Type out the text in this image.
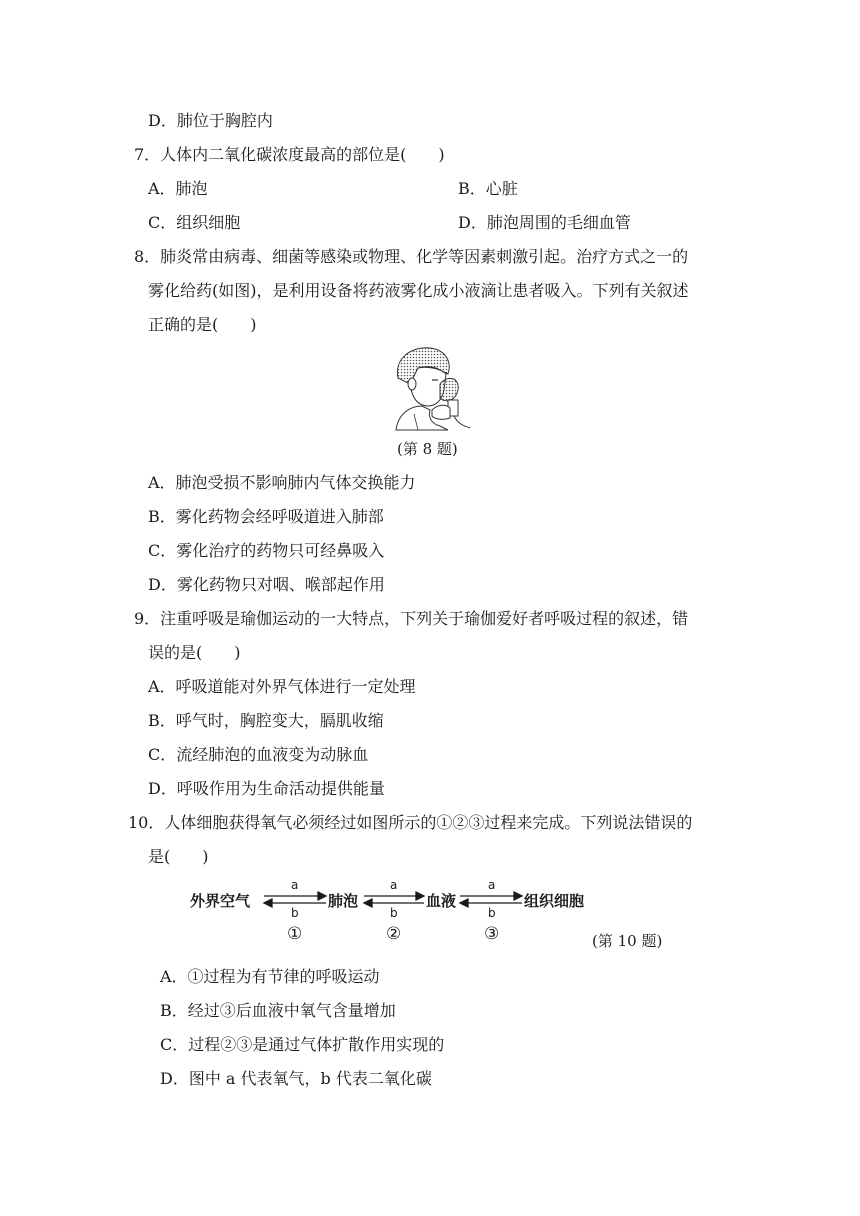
D．肺位于胸腔内
7．人体内二氧化碳浓度最高的部位是(　　)
A．肺泡	B．心脏
C．组织细胞	D．肺泡周围的毛细血管
8．肺炎常由病毒、细菌等感染或物理、化学等因素刺激引起。治疗方式之一的
雾化给药(如图)，是利用设备将药液雾化成小液滴让患者吸入。下列有关叙述
正确的是(　　)
(第 8 题)
A．肺泡受损不影响肺内气体交换能力
B．雾化药物会经呼吸道进入肺部
C．雾化治疗的药物只可经鼻吸入
D．雾化药物只对咽、喉部起作用
9．注重呼吸是瑜伽运动的一大特点，下列关于瑜伽爱好者呼吸过程的叙述，错
误的是(　　)
A．呼吸道能对外界气体进行一定处理
B．呼气时，胸腔变大，膈肌收缩
C．流经肺泡的血液变为动脉血
D．呼吸作用为生命活动提供能量
10．人体细胞获得氧气必须经过如图所示的①②③过程来完成。下列说法错误的
是(　　)
外界空气	肺泡	血液	组织细胞
a
b
a
b
a
b
①	②	③	(第 10 题)
A．①过程为有节律的呼吸运动
B．经过③后血液中氧气含量增加
C．过程②③是通过气体扩散作用实现的
D．图中 a 代表氧气，b 代表二氧化碳
